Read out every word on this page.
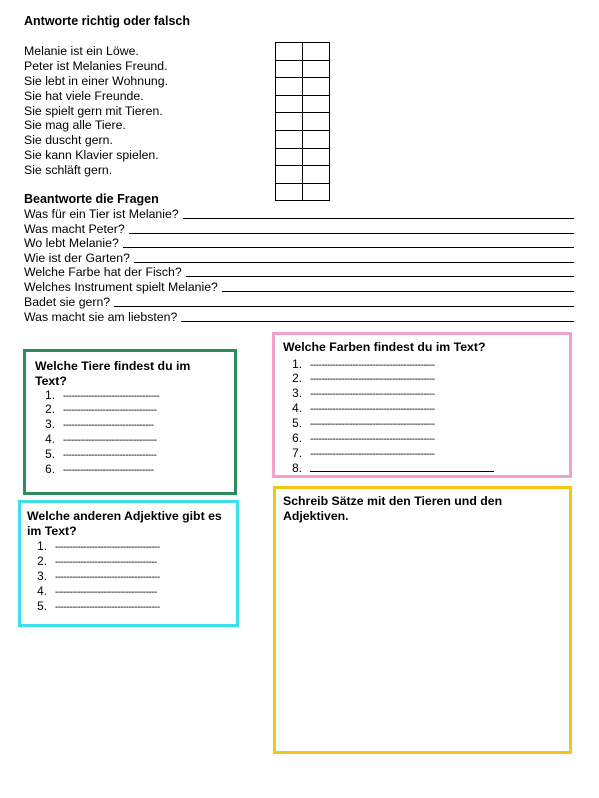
Antworte richtig oder falsch
Melanie ist ein Löwe.
Peter ist Melanies Freund.
Sie lebt in einer Wohnung.
Sie hat viele Freunde.
Sie spielt gern mit Tieren.
Sie mag alle Tiere.
Sie duscht gern.
Sie kann Klavier spielen.
Sie schläft gern.

Beantworte die Fragen
Was für ein Tier ist Melanie?
Was macht Peter?
Wo lebt Melanie?
Wie ist der Garten?
Welche Farbe hat der Fisch?
Welches Instrument spielt Melanie?
Badet sie gern?
Was macht sie am liebsten?
Welche Tiere findest du im Text?
1. ----------------------------------
2. ---------------------------------
3. --------------------------------
4. ---------------------------------
5. ---------------------------------
6. --------------------------------
Welche Farben findest du im Text?
1. --------------------------------------------
2. --------------------------------------------
3. --------------------------------------------
4. --------------------------------------------
5. --------------------------------------------
6. --------------------------------------------
7. --------------------------------------------
8.
Welche anderen Adjektive gibt es im Text?
1. -------------------------------------
2. ------------------------------------
3. -------------------------------------
4. ------------------------------------
5. -------------------------------------
Schreib Sätze mit den Tieren und den Adjektiven.
